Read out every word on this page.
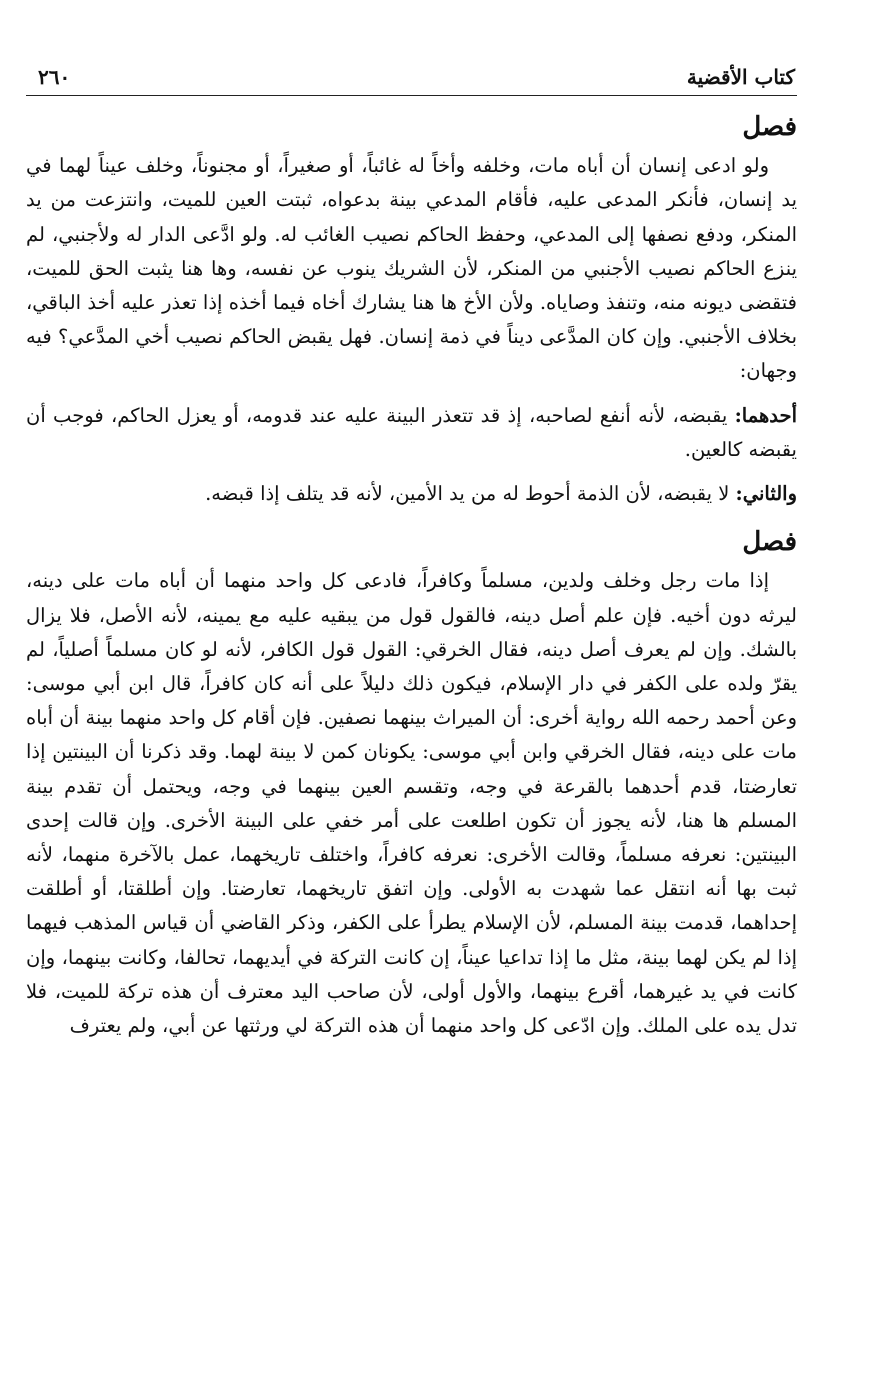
كتاب الأقضية
٢٦٠
فصل

ولو ادعى إنسان أن أباه مات، وخلفه وأخاً له غائباً، أو صغيراً، أو مجنوناً، وخلف عيناً لهما في يد إنسان، فأنكر المدعى عليه، فأقام المدعي بينة بدعواه، ثبتت العين للميت، وانتزعت من يد المنكر، ودفع نصفها إلى المدعي، وحفظ الحاكم نصيب الغائب له. ولو ادَّعى الدار له ولأجنبي، لم ينزع الحاكم نصيب الأجنبي من المنكر، لأن الشريك ينوب عن نفسه، وها هنا يثبت الحق للميت، فتقضى ديونه منه، وتنفذ وصاياه. ولأن الأخ ها هنا يشارك أخاه فيما أخذه إذا تعذر عليه أخذ الباقي، بخلاف الأجنبي. وإن كان المدَّعى ديناً في ذمة إنسان. فهل يقبض الحاكم نصيب أخي المدَّعي؟ فيه وجهان:

أحدهما: يقبضه، لأنه أنفع لصاحبه، إذ قد تتعذر البينة عليه عند قدومه، أو يعزل الحاكم، فوجب أن يقبضه كالعين.

والثاني: لا يقبضه، لأن الذمة أحوط له من يد الأمين، لأنه قد يتلف إذا قبضه.

فصل

إذا مات رجل وخلف ولدين، مسلماً وكافراً، فادعى كل واحد منهما أن أباه مات على دينه، ليرثه دون أخيه. فإن علم أصل دينه، فالقول قول من يبقيه عليه مع يمينه، لأنه الأصل، فلا يزال بالشك. وإن لم يعرف أصل دينه، فقال الخرقي: القول قول الكافر، لأنه لو كان مسلماً أصلياً، لم يقرّ ولده على الكفر في دار الإسلام، فيكون ذلك دليلاً على أنه كان كافراً، قال ابن أبي موسى: وعن أحمد رحمه الله رواية أخرى: أن الميراث بينهما نصفين. فإن أقام كل واحد منهما بينة أن أباه مات على دينه، فقال الخرقي وابن أبي موسى: يكونان كمن لا بينة لهما. وقد ذكرنا أن البينتين إذا تعارضتا، قدم أحدهما بالقرعة في وجه، وتقسم العين بينهما في وجه، ويحتمل أن تقدم بينة المسلم ها هنا، لأنه يجوز أن تكون اطلعت على أمر خفي على البينة الأخرى. وإن قالت إحدى البينتين: نعرفه مسلماً، وقالت الأخرى: نعرفه كافراً، واختلف تاريخهما، عمل بالآخرة منهما، لأنه ثبت بها أنه انتقل عما شهدت به الأولى. وإن اتفق تاريخهما، تعارضتا. وإن أطلقتا، أو أطلقت إحداهما، قدمت بينة المسلم، لأن الإسلام يطرأ على الكفر، وذكر القاضي أن قياس المذهب فيهما إذا لم يكن لهما بينة، مثل ما إذا تداعيا عيناً، إن كانت التركة في أيديهما، تحالفا، وكانت بينهما، وإن كانت في يد غيرهما، أقرع بينهما، والأول أولى، لأن صاحب اليد معترف أن هذه تركة للميت، فلا تدل يده على الملك. وإن ادّعى كل واحد منهما أن هذه التركة لي ورثتها عن أبي، ولم يعترف
